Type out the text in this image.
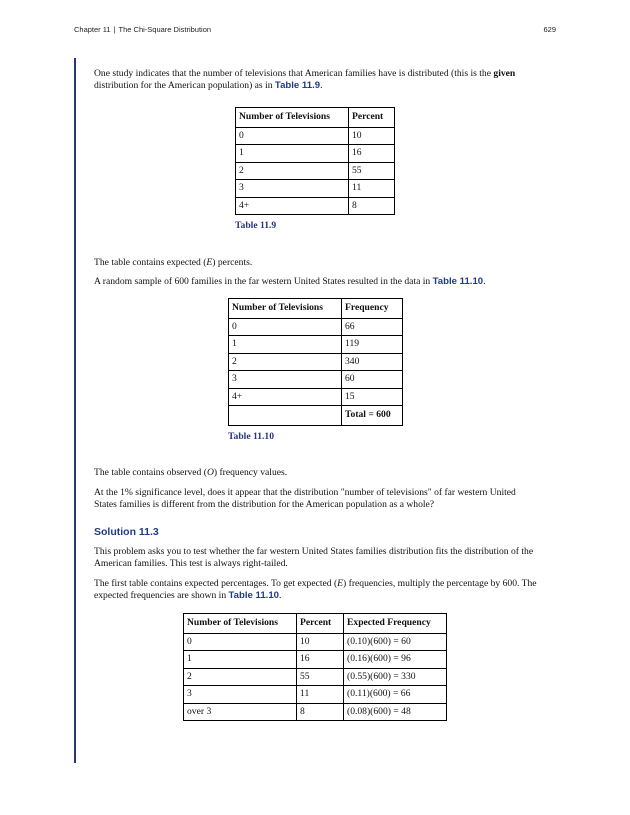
Chapter 11 | The Chi-Square Distribution	629

One study indicates that the number of televisions that American families have is distributed (this is the given distribution for the American population) as in Table 11.9.

Number of Televisions	Percent
0	10
1	16
2	55
3	11
4+	8
Table 11.9

The table contains expected (E) percents.

A random sample of 600 families in the far western United States resulted in the data in Table 11.10.

Number of Televisions	Frequency
0	66
1	119
2	340
3	60
4+	15
	Total = 600
Table 11.10

The table contains observed (O) frequency values.

At the 1% significance level, does it appear that the distribution "number of televisions" of far western United States families is different from the distribution for the American population as a whole?

Solution 11.3

This problem asks you to test whether the far western United States families distribution fits the distribution of the American families. This test is always right-tailed.

The first table contains expected percentages. To get expected (E) frequencies, multiply the percentage by 600. The expected frequencies are shown in Table 11.10.

Number of Televisions	Percent	Expected Frequency
0	10	(0.10)(600) = 60
1	16	(0.16)(600) = 96
2	55	(0.55)(600) = 330
3	11	(0.11)(600) = 66
over 3	8	(0.08)(600) = 48
